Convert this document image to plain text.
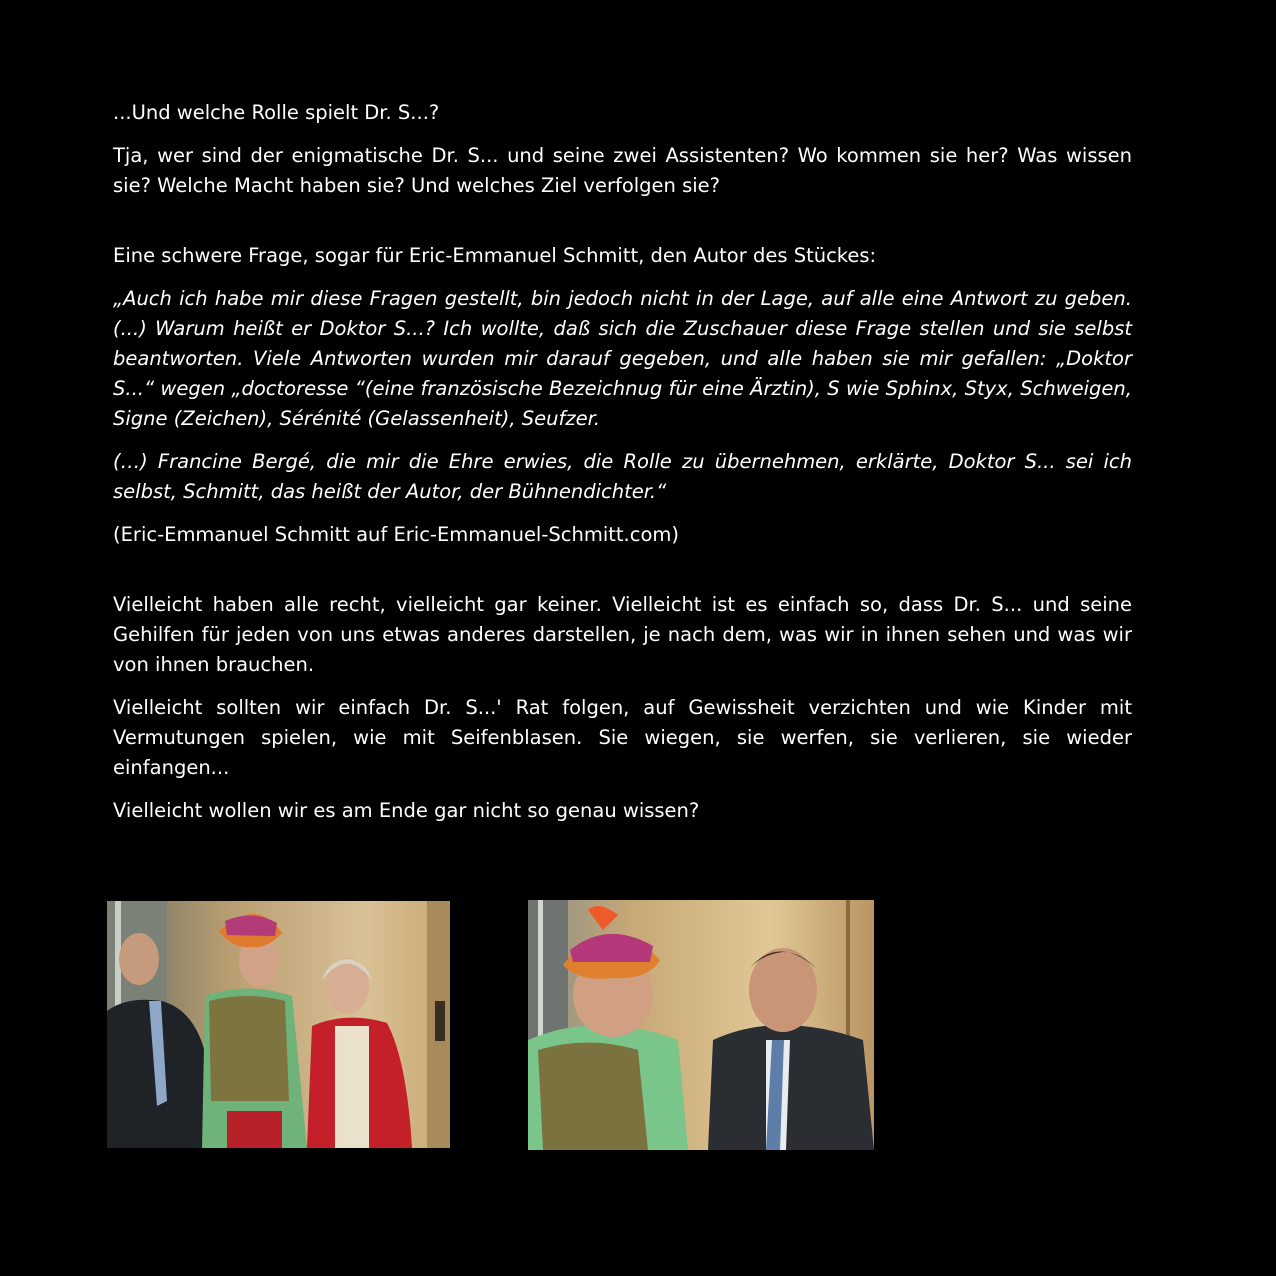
...Und welche Rolle spielt Dr. S...?

Tja, wer sind der enigmatische Dr. S... und seine zwei Assistenten? Wo kommen sie her? Was wissen sie? Welche Macht haben sie? Und welches Ziel verfolgen sie?

Eine schwere Frage, sogar für Eric-Emmanuel Schmitt, den Autor des Stückes:

„Auch ich habe mir diese Fragen gestellt, bin jedoch nicht in der Lage, auf alle eine Antwort zu geben. (...) Warum heißt er Doktor S...? Ich wollte, daß sich die Zuschauer diese Frage stellen und sie selbst beantworten. Viele Antworten wurden mir darauf gegeben, und alle haben sie mir gefallen: „Doktor S...“ wegen „doctoresse “(eine französische Bezeichnug für eine Ärztin), S wie Sphinx, Styx, Schweigen, Signe (Zeichen), Sérénité (Gelassenheit), Seufzer.

(…) Francine Bergé, die mir die Ehre erwies, die Rolle zu übernehmen, erklärte, Doktor S... sei ich selbst, Schmitt, das heißt der Autor, der Bühnendichter.“

(Eric-Emmanuel Schmitt auf Eric-Emmanuel-Schmitt.com)

Vielleicht haben alle recht, vielleicht gar keiner. Vielleicht ist es einfach so, dass Dr. S... und seine Gehilfen für jeden von uns etwas anderes darstellen, je nach dem, was wir in ihnen sehen und was wir von ihnen brauchen.

Vielleicht sollten wir einfach Dr. S...' Rat folgen, auf Gewissheit verzichten und wie Kinder mit Vermutungen spielen, wie mit Seifenblasen. Sie wiegen, sie werfen, sie verlieren, sie wieder einfangen...

Vielleicht wollen wir es am Ende gar nicht so genau wissen?
